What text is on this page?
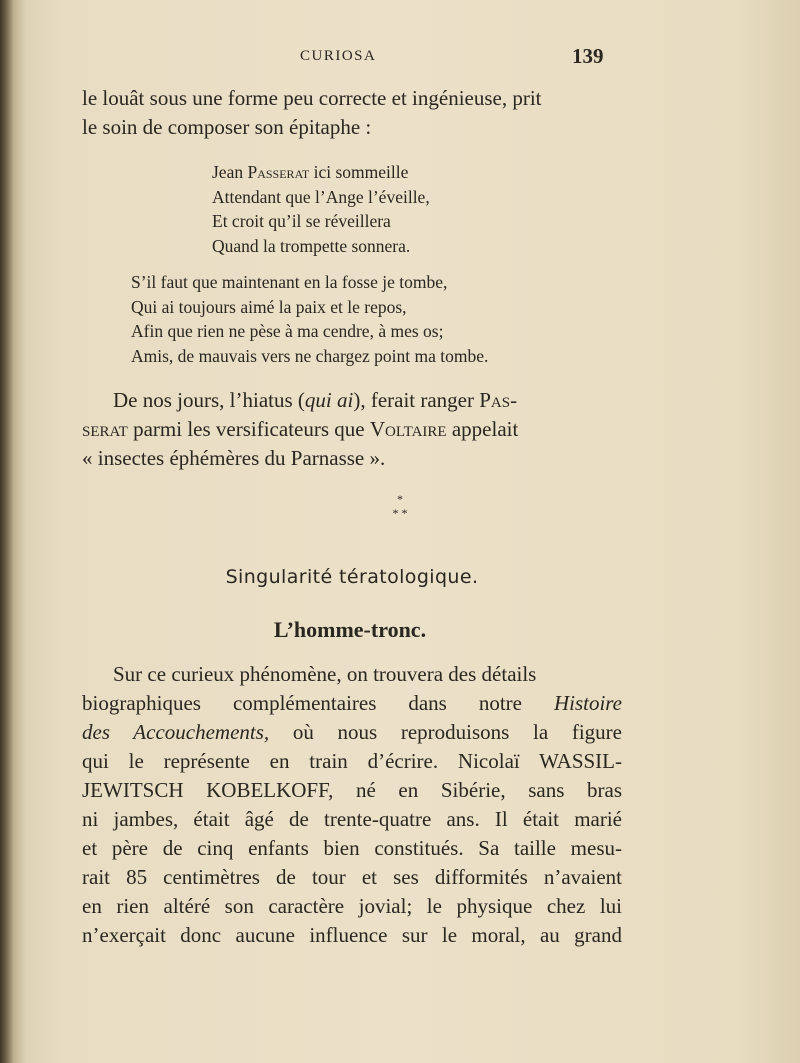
CURIOSA	139
le louât sous une forme peu correcte et ingénieuse, prit
le soin de composer son épitaphe :
Jean Passerat ici sommeille
Attendant que l’Ange l’éveille,
Et croit qu’il se réveillera
Quand la trompette sonnera.
S’il faut que maintenant en la fosse je tombe,
Qui ai toujours aimé la paix et le repos,
Afin que rien ne pèse à ma cendre, à mes os;
Amis, de mauvais vers ne chargez point ma tombe.
De nos jours, l’hiatus (qui ai), ferait ranger Pas-
serat parmi les versificateurs que Voltaire appelait
« insectes éphémères du Parnasse ».
*
* *
Singularité tératologique.
L’homme-tronc.
Sur ce curieux phénomène, on trouvera des détails
biographiques complémentaires dans notre Histoire
des Accouchements, où nous reproduisons la figure
qui le représente en train d’écrire. Nicolaï WASSIL-
JEWITSCH KOBELKOFF, né en Sibérie, sans bras
ni jambes, était âgé de trente-quatre ans. Il était marié
et père de cinq enfants bien constitués. Sa taille mesu-
rait 85 centimètres de tour et ses difformités n’avaient
en rien altéré son caractère jovial; le physique chez lui
n’exerçait donc aucune influence sur le moral, au grand
